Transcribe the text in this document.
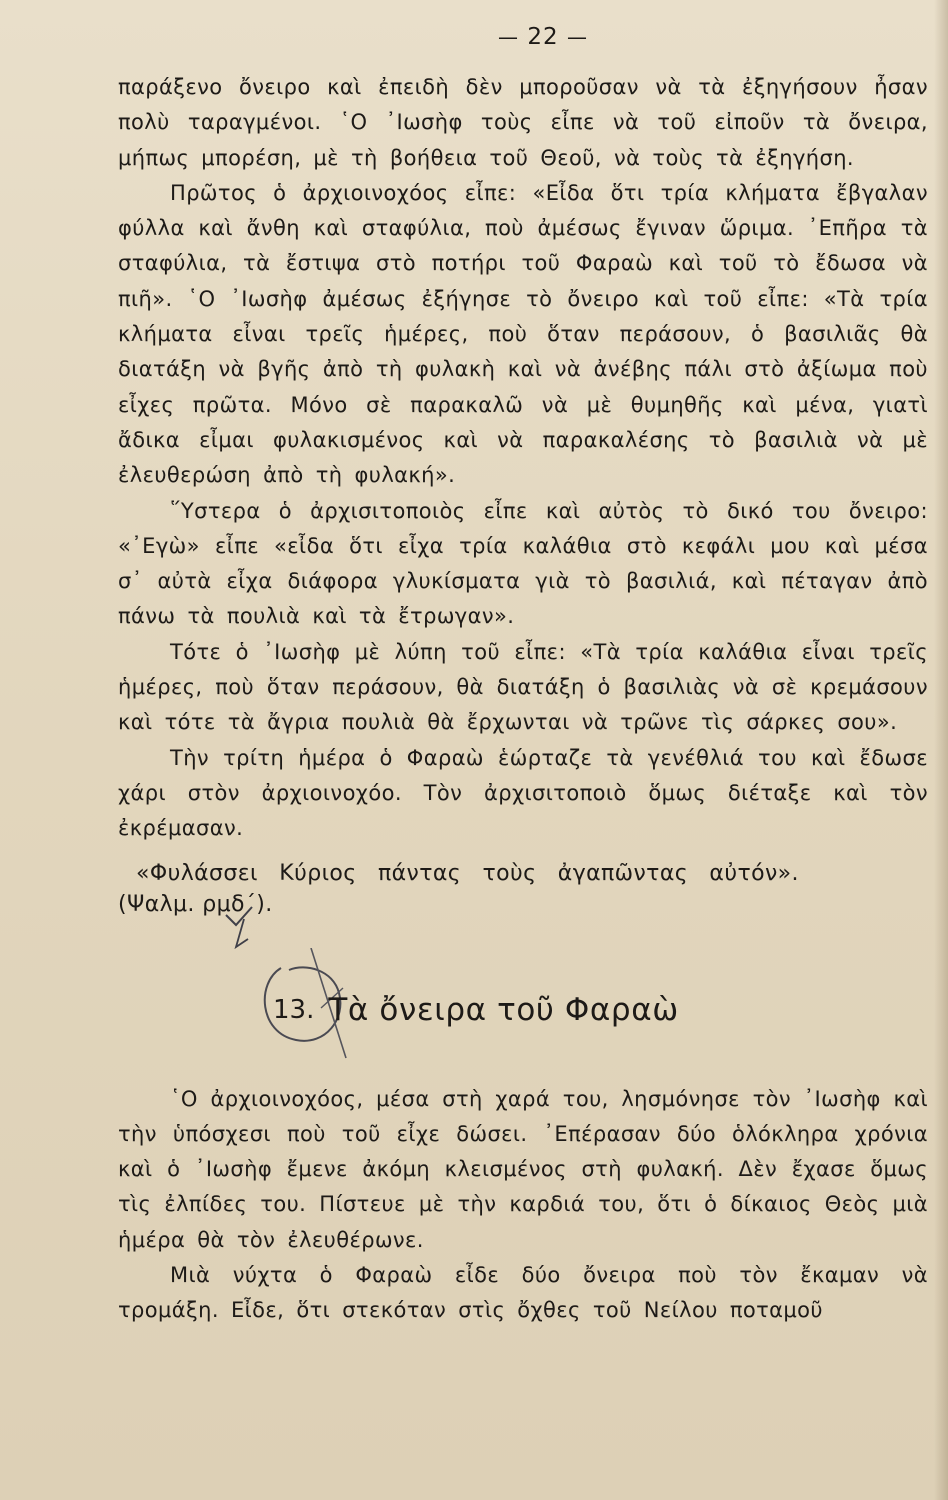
— 22 —

παράξενο ὄνειρο καὶ ἐπειδὴ δὲν μποροῦσαν νὰ τὰ ἐξηγήσουν ἦσαν πολὺ ταραγμένοι. ῾Ο ᾿Ιωσὴφ τοὺς εἶπε νὰ τοῦ εἰποῦν τὰ ὄνειρα, μήπως μπορέση, μὲ τὴ βοήθεια τοῦ Θεοῦ, νὰ τοὺς τὰ ἐξηγήση.

Πρῶτος ὁ ἀρχιοινοχόος εἶπε: «Εἶδα ὅτι τρία κλήματα ἔβγαλαν φύλλα καὶ ἄνθη καὶ σταφύλια, ποὺ ἀμέσως ἔγιναν ὥριμα. ᾿Επῆρα τὰ σταφύλια, τὰ ἔστιψα στὸ ποτήρι τοῦ Φαραὼ καὶ τοῦ τὸ ἔδωσα νὰ πιῆ». ῾Ο ᾿Ιωσὴφ ἀμέσως ἐξήγησε τὸ ὄνειρο καὶ τοῦ εἶπε: «Τὰ τρία κλήματα εἶναι τρεῖς ἡμέρες, ποὺ ὅταν περάσουν, ὁ βασιλιᾶς θὰ διατάξη νὰ βγῆς ἀπὸ τὴ φυλακὴ καὶ νὰ ἀνέβης πάλι στὸ ἀξίωμα ποὺ εἶχες πρῶτα. Μόνο σὲ παρακαλῶ νὰ μὲ θυμηθῆς καὶ μένα, γιατὶ ἄδικα εἶμαι φυλακισμένος καὶ νὰ παρακαλέσης τὸ βασιλιὰ νὰ μὲ ἐλευθερώση ἀπὸ τὴ φυλακή».

῞Υστερα ὁ ἀρχισιτοποιὸς εἶπε καὶ αὐτὸς τὸ δικό του ὄνειρο: «᾿Εγὼ» εἶπε «εἶδα ὅτι εἶχα τρία καλάθια στὸ κεφάλι μου καὶ μέσα σ᾿ αὐτὰ εἶχα διάφορα γλυκίσματα γιὰ τὸ βασιλιά, καὶ πέταγαν ἀπὸ πάνω τὰ πουλιὰ καὶ τὰ ἔτρωγαν».

Τότε ὁ ᾿Ιωσὴφ μὲ λύπη τοῦ εἶπε: «Τὰ τρία καλάθια εἶναι τρεῖς ἡμέρες, ποὺ ὅταν περάσουν, θὰ διατάξη ὁ βασιλιὰς νὰ σὲ κρεμάσουν καὶ τότε τὰ ἄγρια πουλιὰ θὰ ἔρχωνται νὰ τρῶνε τὶς σάρκες σου».

Τὴν τρίτη ἡμέρα ὁ Φαραὼ ἑώρταζε τὰ γενέθλιά του καὶ ἔδωσε χάρι στὸν ἀρχιοινοχόο. Τὸν ἀρχισιτοποιὸ ὅμως διέταξε καὶ τὸν ἐκρέμασαν.

«Φυλάσσει Κύριος πάντας τοὺς ἀγαπῶντας αὐτόν».

(Ψαλμ. ρμδ΄).

13. Τὰ ὄνειρα τοῦ Φαραὼ

῾Ο ἀρχιοινοχόος, μέσα στὴ χαρά του, λησμόνησε τὸν ᾿Ιωσὴφ καὶ τὴν ὑπόσχεσι ποὺ τοῦ εἶχε δώσει. ᾿Επέρασαν δύο ὁλόκληρα χρόνια καὶ ὁ ᾿Ιωσὴφ ἔμενε ἀκόμη κλεισμένος στὴ φυλακή. Δὲν ἔχασε ὅμως τὶς ἐλπίδες του. Πίστευε μὲ τὴν καρδιά του, ὅτι ὁ δίκαιος Θεὸς μιὰ ἡμέρα θὰ τὸν ἐλευθέρωνε.

Μιὰ νύχτα ὁ Φαραὼ εἶδε δύο ὄνειρα ποὺ τὸν ἔκαμαν νὰ τρομάξη. Εἶδε, ὅτι στεκόταν στὶς ὄχθες τοῦ Νείλου ποταμοῦ
